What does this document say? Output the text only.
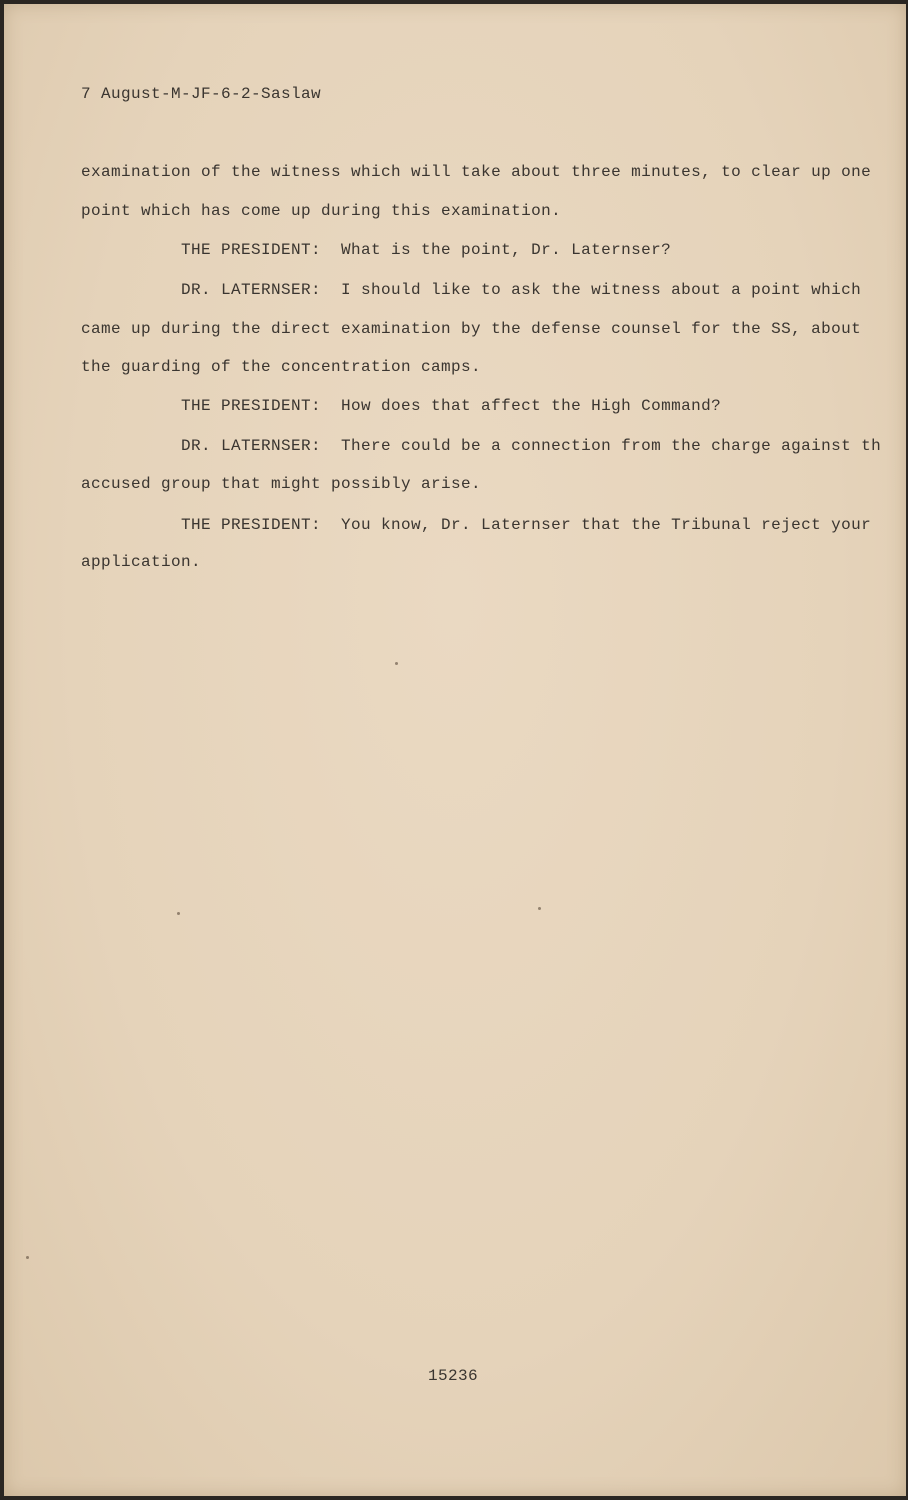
7 August-M-JF-6-2-Saslaw
examination of the witness which will take about three minutes, to clear up one
point which has come up during this examination.
THE PRESIDENT:  What is the point, Dr. Laternser?
DR. LATERNSER:  I should like to ask the witness about a point which
came up during the direct examination by the defense counsel for the SS, about
the guarding of the concentration camps.
THE PRESIDENT:  How does that affect the High Command?
DR. LATERNSER:  There could be a connection from the charge against th
accused group that might possibly arise.
THE PRESIDENT:  You know, Dr. Laternser that the Tribunal reject your
application.
15236
